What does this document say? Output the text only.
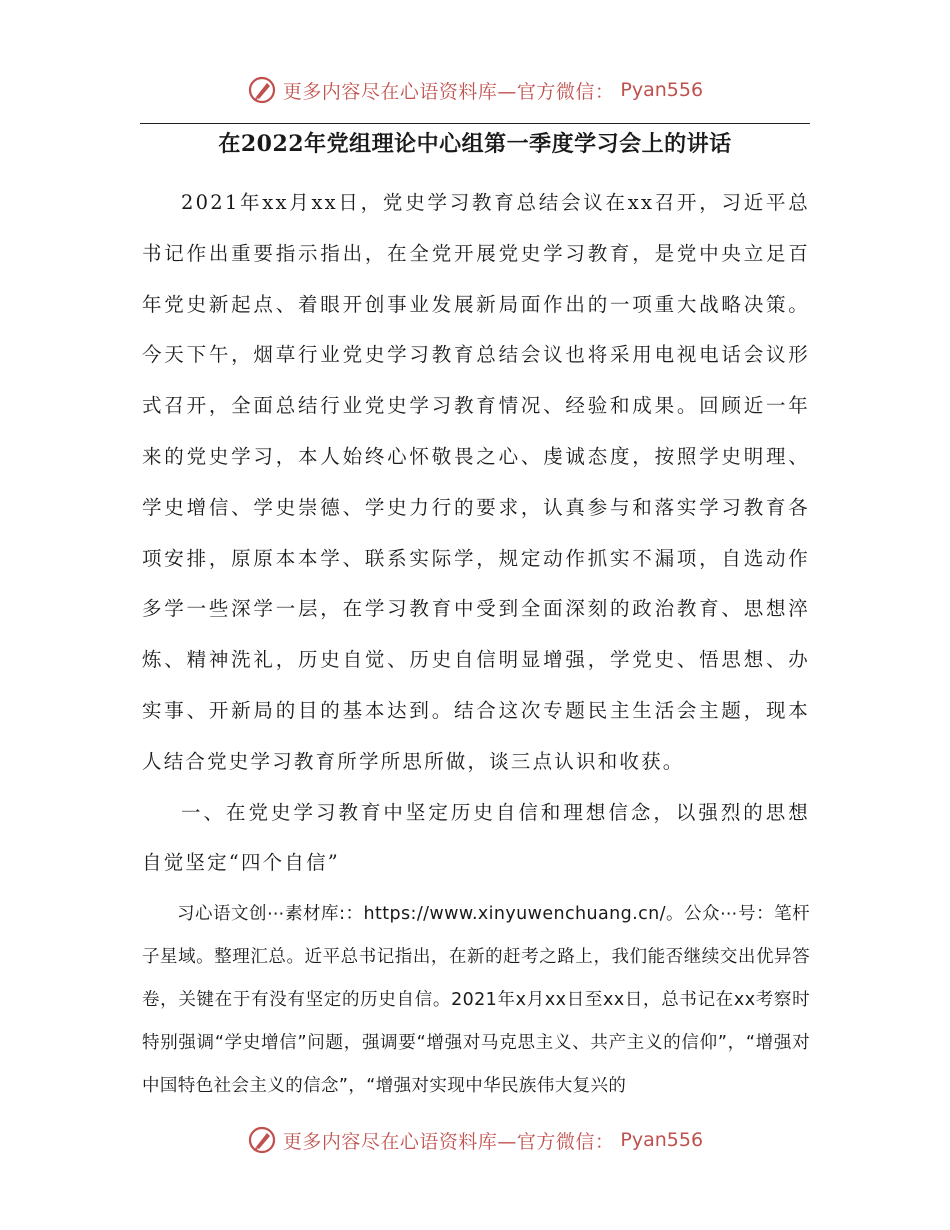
更多内容尽在心语资料库—官方微信： Pyan556
在2022年党组理论中心组第一季度学习会上的讲话

2021年xx月xx日，党史学习教育总结会议在xx召开，习近平总书记作出重要指示指出，在全党开展党史学习教育，是党中央立足百年党史新起点、着眼开创事业发展新局面作出的一项重大战略决策。今天下午，烟草行业党史学习教育总结会议也将采用电视电话会议形式召开，全面总结行业党史学习教育情况、经验和成果。回顾近一年来的党史学习，本人始终心怀敬畏之心、虔诚态度，按照学史明理、学史增信、学史崇德、学史力行的要求，认真参与和落实学习教育各项安排，原原本本学、联系实际学，规定动作抓实不漏项，自选动作多学一些深学一层，在学习教育中受到全面深刻的政治教育、思想淬炼、精神洗礼，历史自觉、历史自信明显增强，学党史、悟思想、办实事、开新局的目的基本达到。结合这次专题民主生活会主题，现本人结合党史学习教育所学所思所做，谈三点认识和收获。

一、在党史学习教育中坚定历史自信和理想信念，以强烈的思想自觉坚定“四个自信”

习心语文创⋯素材库:：https://www.xinyuwenchuang.cn/。公众⋯号：笔杆子星域。整理汇总。近平总书记指出，在新的赶考之路上，我们能否继续交出优异答卷，关键在于有没有坚定的历史自信。2021年x月xx日至xx日，总书记在xx考察时特别强调“学史增信”问题，强调要“增强对马克思主义、共产主义的信仰”，“增强对中国特色社会主义的信念”，“增强对实现中华民族伟大复兴的

更多内容尽在心语资料库—官方微信： Pyan556
